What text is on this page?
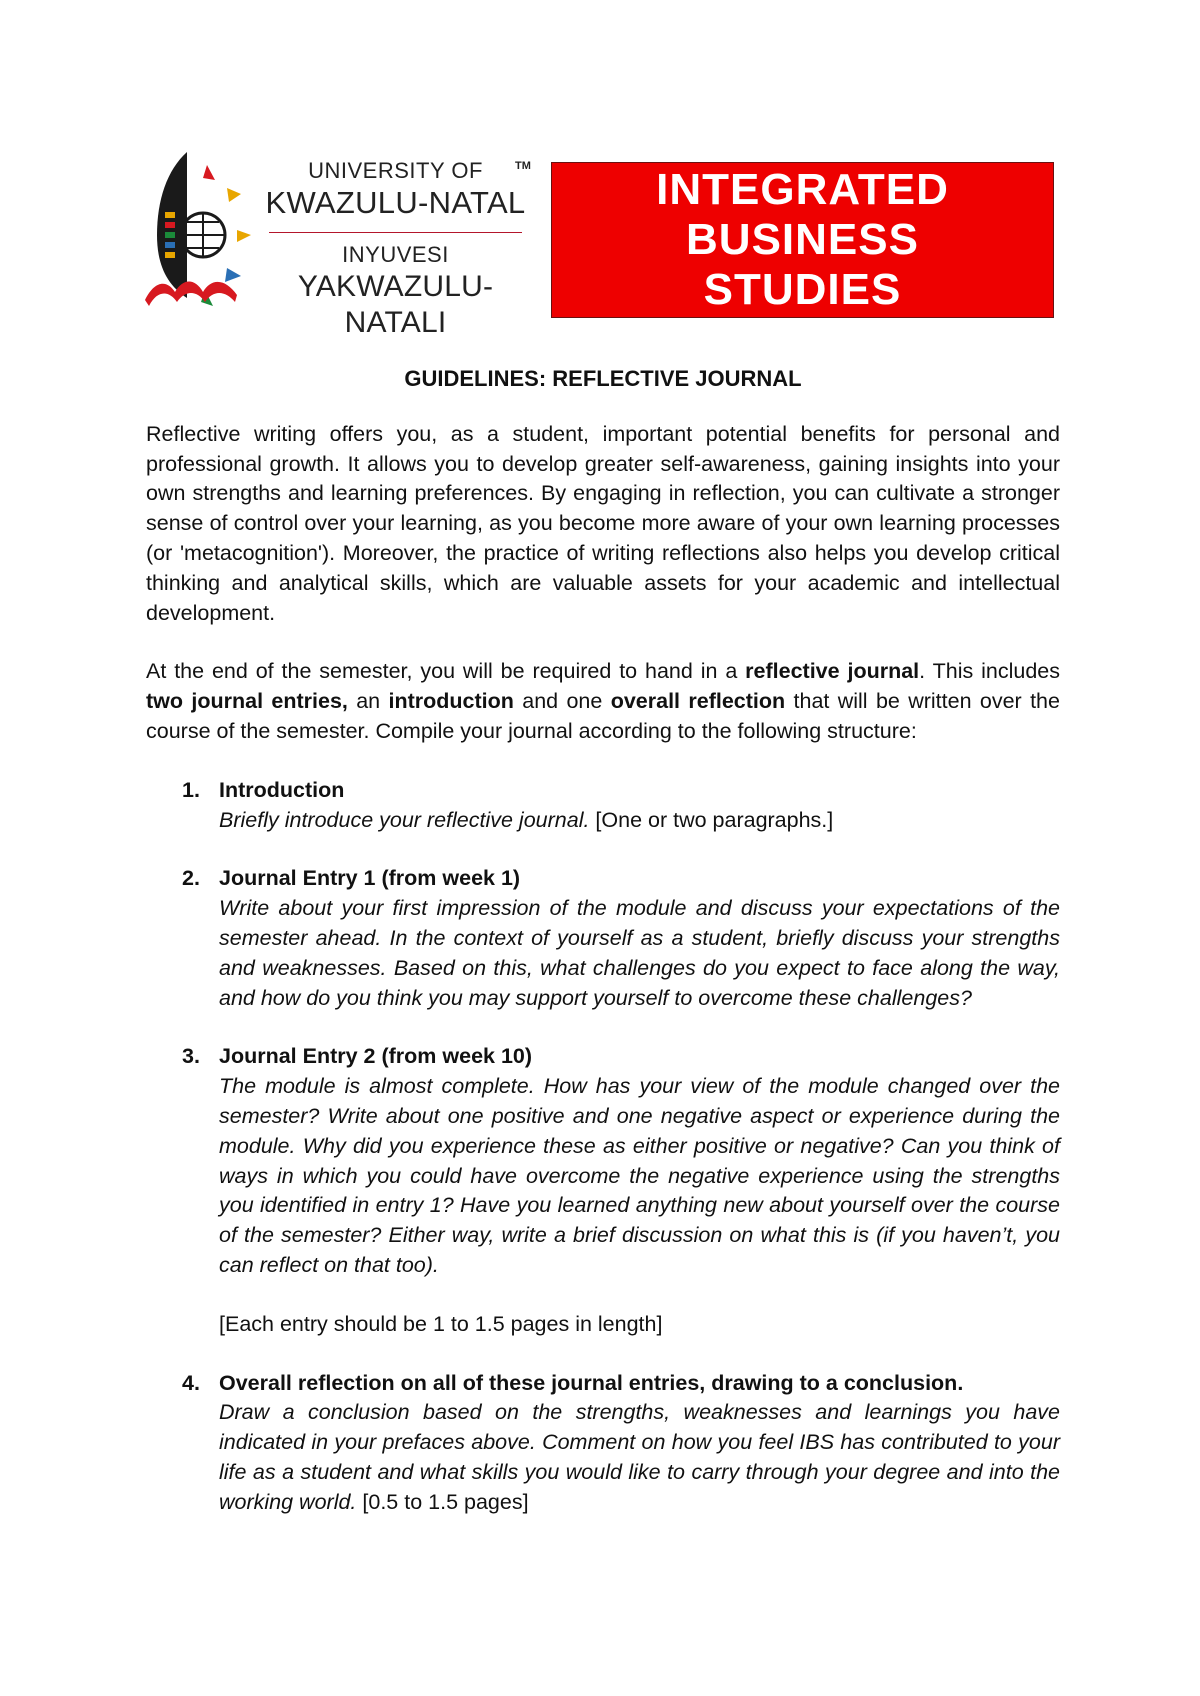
UNIVERSITY OF
KWAZULU-NATAL
INYUVESI
YAKWAZULU-NATALI
TM	INTEGRATED BUSINESS
STUDIES
GUIDELINES: REFLECTIVE JOURNAL

Reflective writing offers you, as a student, important potential benefits for personal and professional growth. It allows you to develop greater self-awareness, gaining insights into your own strengths and learning preferences. By engaging in reflection, you can cultivate a stronger sense of control over your learning, as you become more aware of your own learning processes (or 'metacognition'). Moreover, the practice of writing reflections also helps you develop critical thinking and analytical skills, which are valuable assets for your academic and intellectual development.

At the end of the semester, you will be required to hand in a reflective journal. This includes two journal entries, an introduction and one overall reflection that will be written over the course of the semester. Compile your journal according to the following structure:

1. Introduction
Briefly introduce your reflective journal. [One or two paragraphs.]
2. Journal Entry 1 (from week 1)
Write about your first impression of the module and discuss your expectations of the semester ahead. In the context of yourself as a student, briefly discuss your strengths and weaknesses. Based on this, what challenges do you expect to face along the way, and how do you think you may support yourself to overcome these challenges?
3. Journal Entry 2 (from week 10)
The module is almost complete. How has your view of the module changed over the semester? Write about one positive and one negative aspect or experience during the module. Why did you experience these as either positive or negative? Can you think of ways in which you could have overcome the negative experience using the strengths you identified in entry 1? Have you learned anything new about yourself over the course of the semester? Either way, write a brief discussion on what this is (if you haven’t, you can reflect on that too).
[Each entry should be 1 to 1.5 pages in length]
4. Overall reflection on all of these journal entries, drawing to a conclusion.
Draw a conclusion based on the strengths, weaknesses and learnings you have indicated in your prefaces above. Comment on how you feel IBS has contributed to your life as a student and what skills you would like to carry through your degree and into the working world. [0.5 to 1.5 pages]
